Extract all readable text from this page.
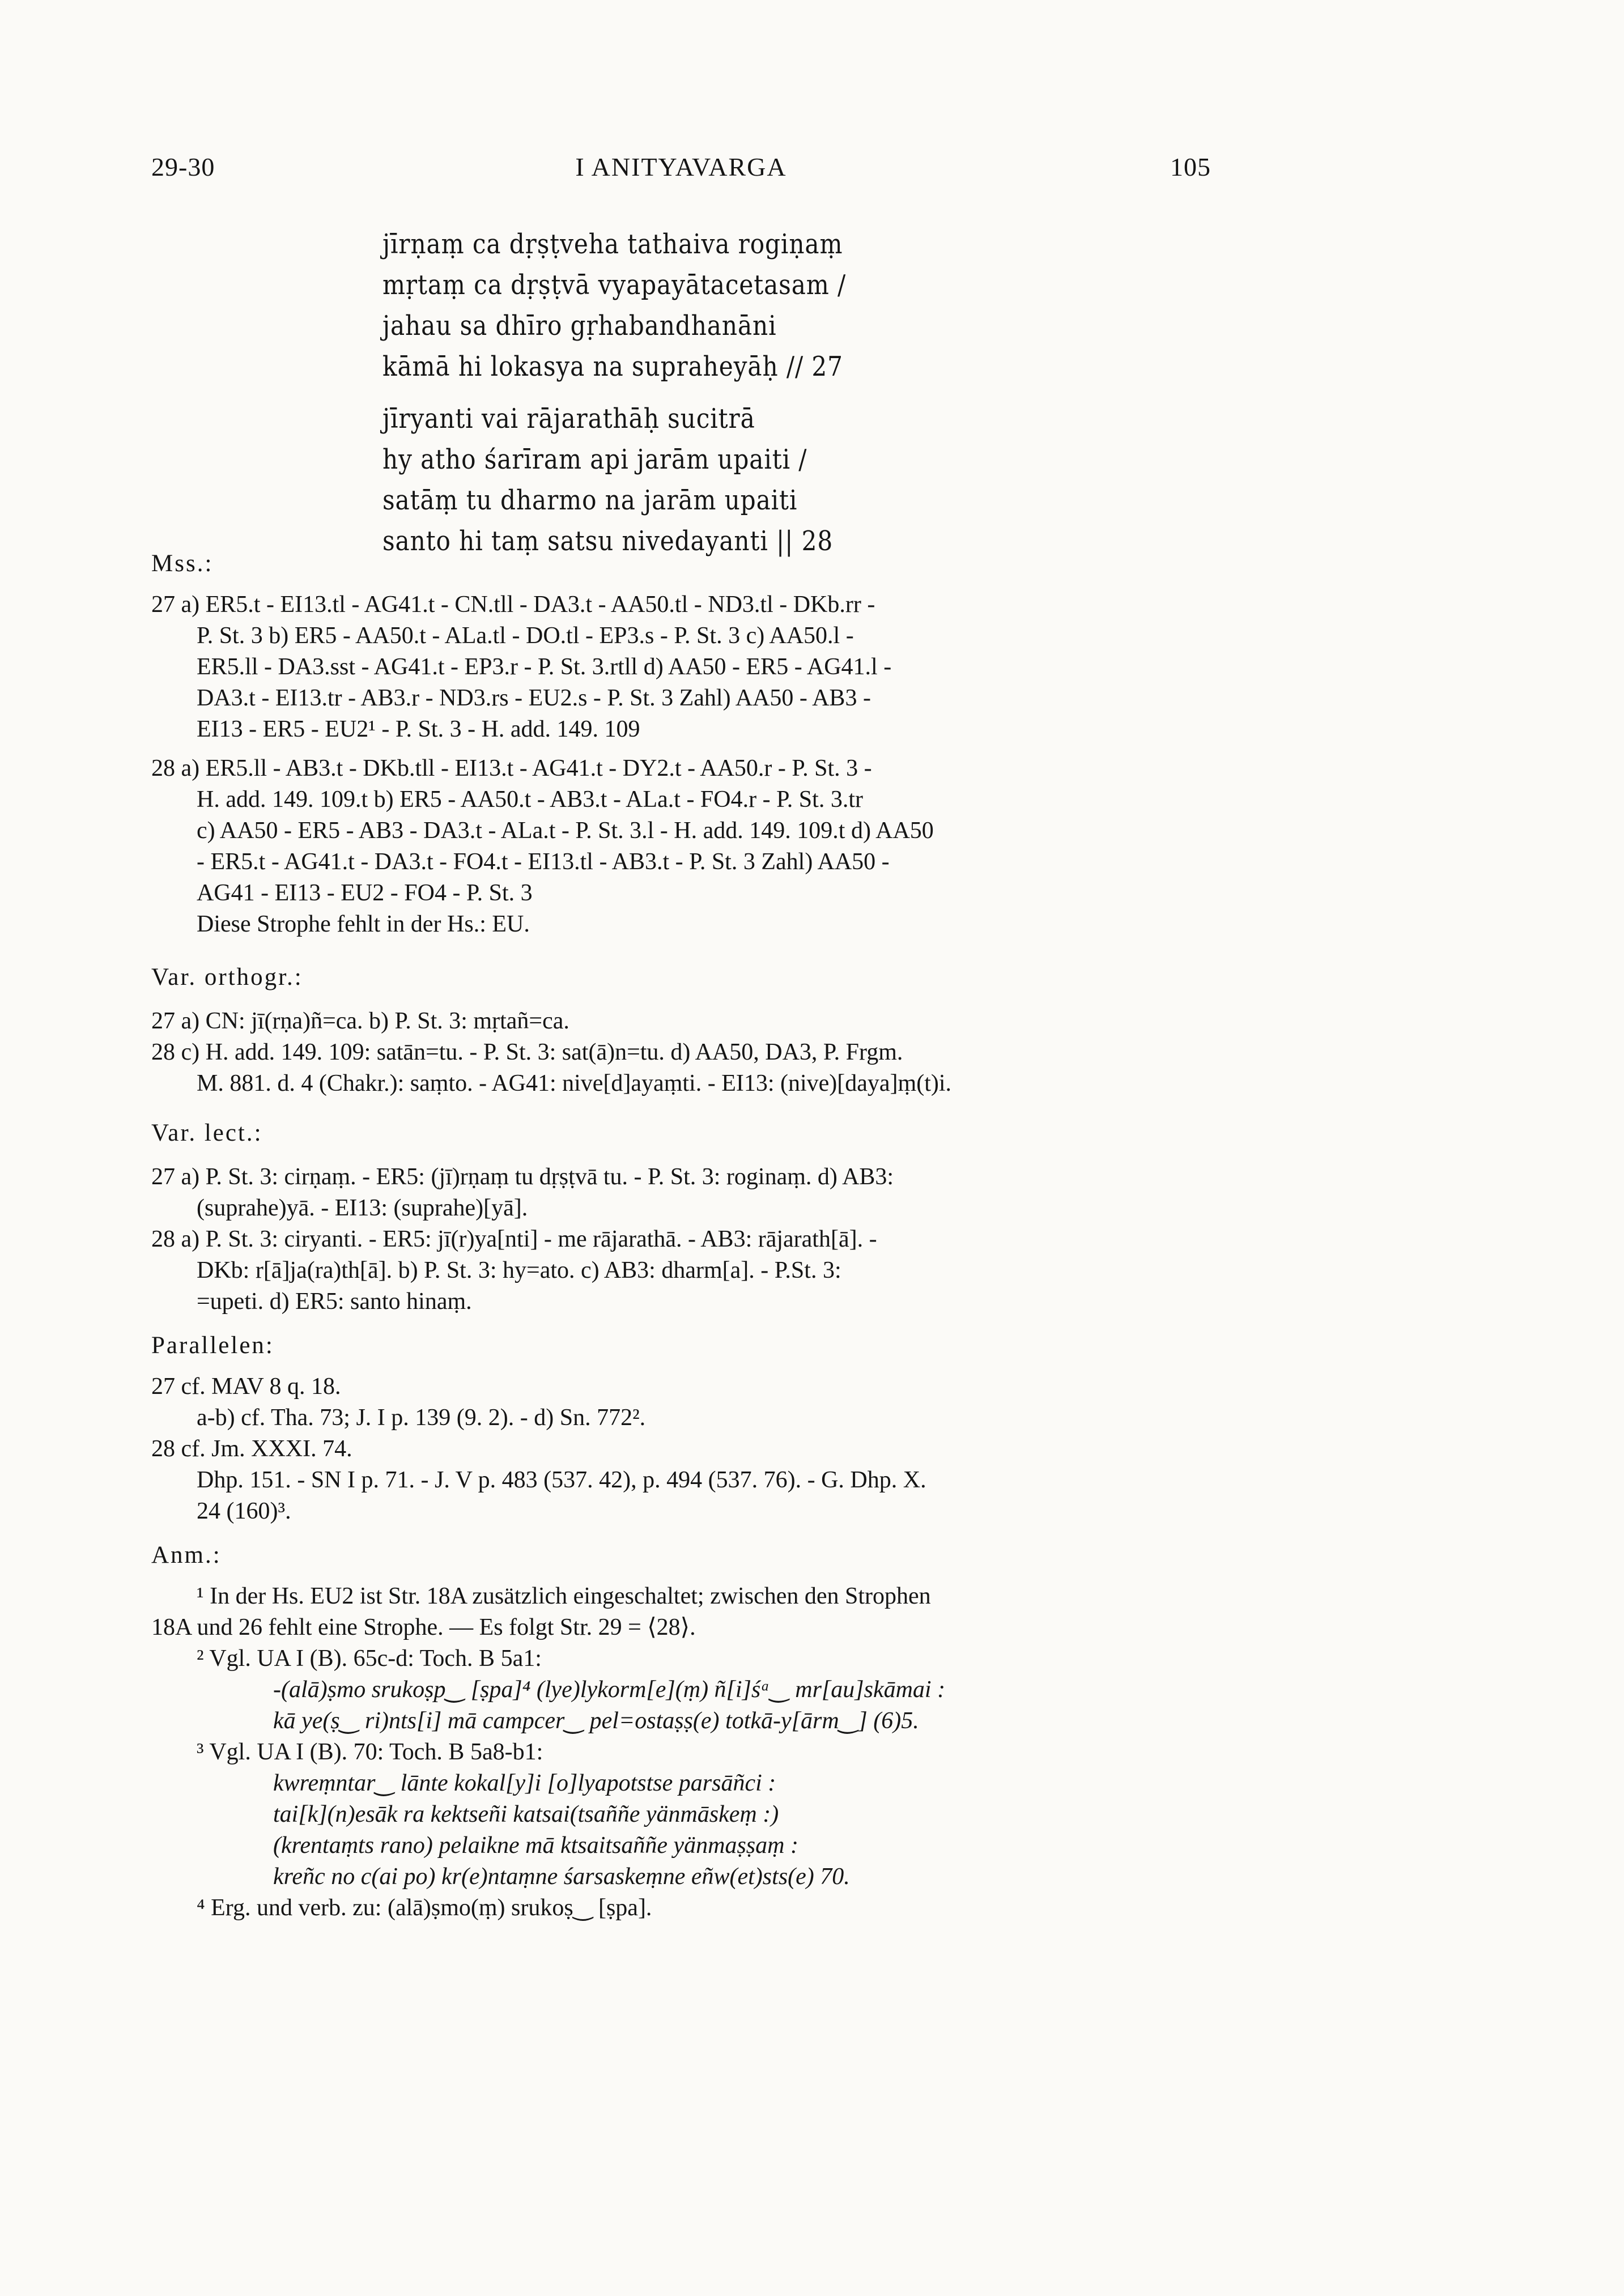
29-30	I ANITYAVARGA	105
jīrṇaṃ ca dṛṣṭveha tathaiva rogiṇaṃ
mṛtaṃ ca dṛṣṭvā vyapayātacetasam /
jahau sa dhīro gṛhabandhanāni
kāmā hi lokasya na supraheyāḥ // 27
jīryanti vai rājarathāḥ sucitrā
hy atho śarīram api jarām upaiti /
satāṃ tu dharmo na jarām upaiti
santo hi taṃ satsu nivedayanti || 28
Mss.:
27 a) ER5.t - EI13.tl - AG41.t - CN.tll - DA3.t - AA50.tl - ND3.tl - DKb.rr -
P. St. 3 b) ER5 - AA50.t - ALa.tl - DO.tl - EP3.s - P. St. 3 c) AA50.l -
ER5.ll - DA3.sst - AG41.t - EP3.r - P. St. 3.rtll d) AA50 - ER5 - AG41.l -
DA3.t - EI13.tr - AB3.r - ND3.rs - EU2.s - P. St. 3 Zahl) AA50 - AB3 -
EI13 - ER5 - EU2¹ - P. St. 3 - H. add. 149. 109
28 a) ER5.ll - AB3.t - DKb.tll - EI13.t - AG41.t - DY2.t - AA50.r - P. St. 3 -
H. add. 149. 109.t b) ER5 - AA50.t - AB3.t - ALa.t - FO4.r - P. St. 3.tr
c) AA50 - ER5 - AB3 - DA3.t - ALa.t - P. St. 3.l - H. add. 149. 109.t d) AA50
- ER5.t - AG41.t - DA3.t - FO4.t - EI13.tl - AB3.t - P. St. 3 Zahl) AA50 -
AG41 - EI13 - EU2 - FO4 - P. St. 3
Diese Strophe fehlt in der Hs.: EU.
Var. orthogr.:
27 a) CN: jī(rṇa)ñ=ca. b) P. St. 3: mṛtañ=ca.
28 c) H. add. 149. 109: satān=tu. - P. St. 3: sat(ā)n=tu. d) AA50, DA3, P. Frgm.
M. 881. d. 4 (Chakr.): saṃto. - AG41: nive[d]ayaṃti. - EI13: (nive)[daya]ṃ(t)i.
Var. lect.:
27 a) P. St. 3: cirṇaṃ. - ER5: (jī)rṇaṃ tu dṛṣṭvā tu. - P. St. 3: roginaṃ. d) AB3:
(suprahe)yā. - EI13: (suprahe)[yā].
28 a) P. St. 3: ciryanti. - ER5: jī(r)ya[nti] - me rājarathā. - AB3: rājarath[ā]. -
DKb: r[ā]ja(ra)th[ā]. b) P. St. 3: hy=ato. c) AB3: dharm[a]. - P.St. 3:
=upeti. d) ER5: santo hinaṃ.
Parallelen:
27 cf. MAV 8 q. 18.
a-b) cf. Tha. 73; J. I p. 139 (9. 2). - d) Sn. 772².
28 cf. Jm. XXXI. 74.
Dhp. 151. - SN I p. 71. - J. V p. 483 (537. 42), p. 494 (537. 76). - G. Dhp. X.
24 (160)³.
Anm.:
¹ In der Hs. EU2 ist Str. 18A zusätzlich eingeschaltet; zwischen den Strophen
18A und 26 fehlt eine Strophe. — Es folgt Str. 29 = ⟨28⟩.
² Vgl. UA I (B). 65c-d: Toch. B 5a1:
-(alā)ṣmo srukoṣp‿ [ṣpa]⁴ (lye)lykorm[e](ṃ) ñ[i]śᵃ‿ mr[au]skāmai :
kā ye(ṣ‿ ri)nts[i] mā campcer‿ pel=ostaṣṣ(e) totkā-y[ārm‿] (6)5.
³ Vgl. UA I (B). 70: Toch. B 5a8-b1:
kwreṃntar‿ lānte kokal[y]i [o]lyapotstse parsāñci :
tai[k](n)esāk ra kektseñi katsai(tsaññe yänmāskeṃ :)
(krentaṃts rano) pelaikne mā ktsaitsaññe yänmaṣṣaṃ :
kreñc no c(ai po) kr(e)ntaṃne śarsaskeṃne eñw(et)sts(e) 70.
⁴ Erg. und verb. zu: (alā)ṣmo(ṃ) srukoṣ‿ [ṣpa].
